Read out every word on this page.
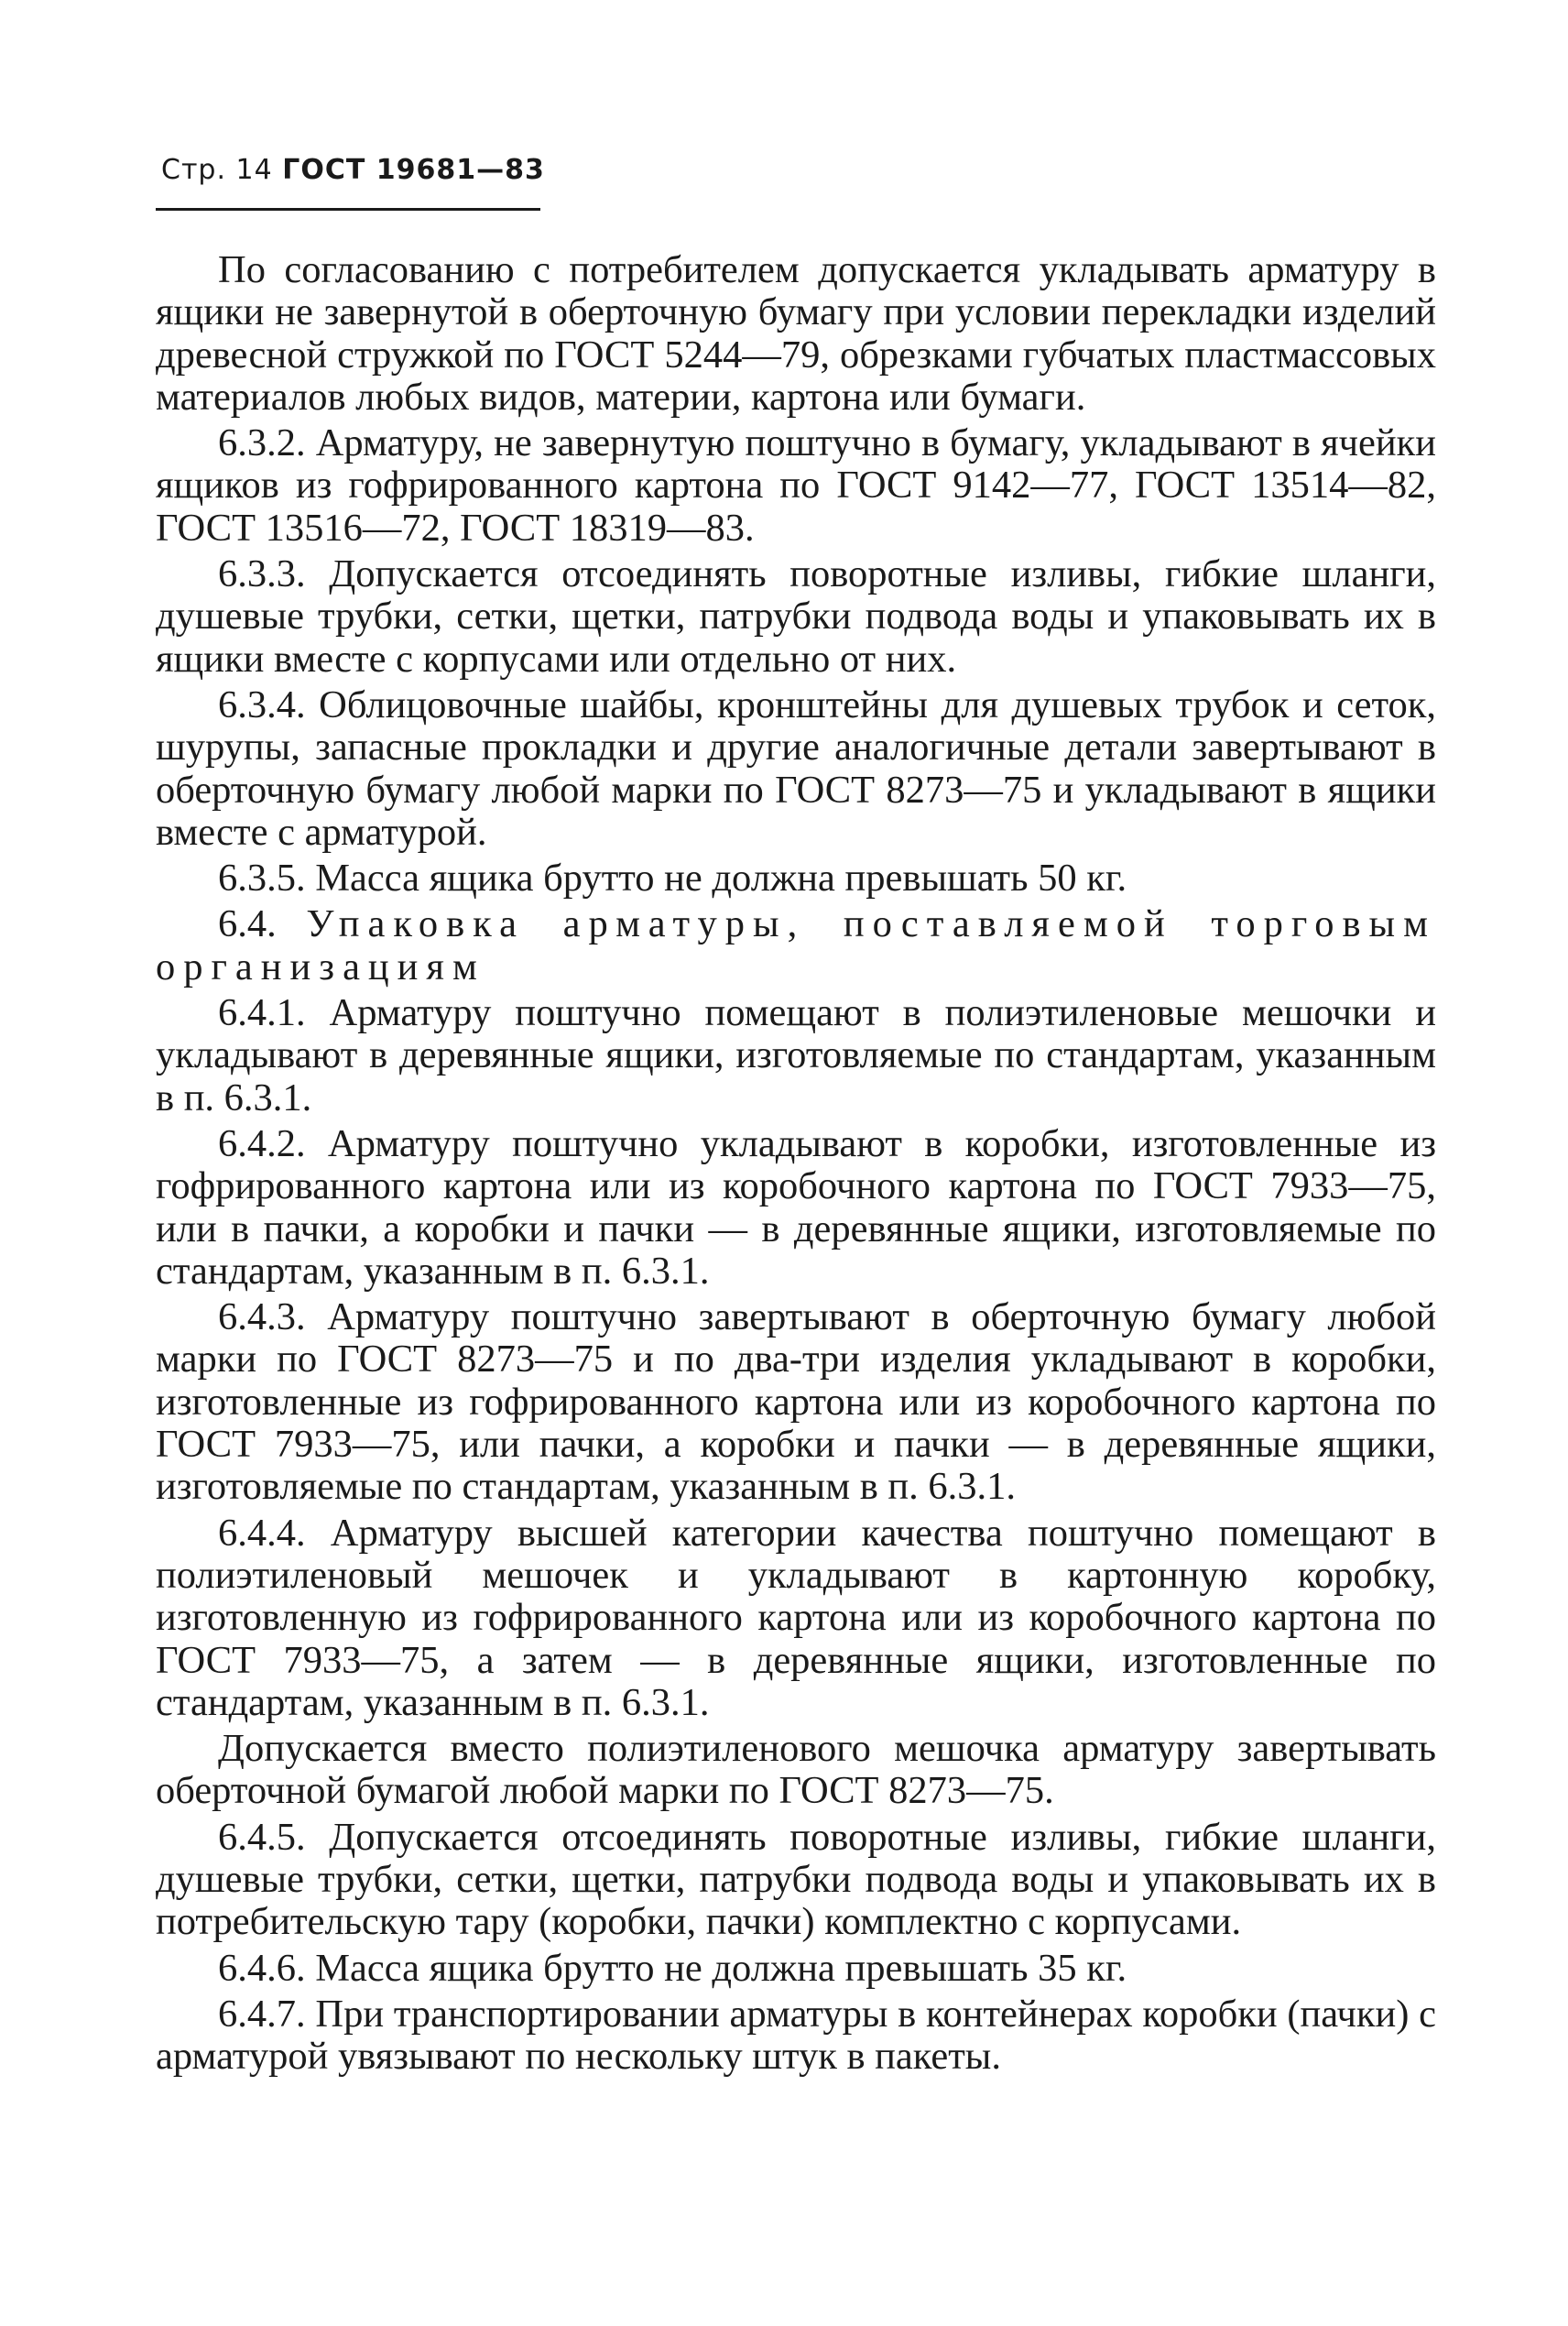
Стр. 14 ГОСТ 19681—83

По согласованию с потребителем допускается укладывать арматуру в ящики не завернутой в оберточную бумагу при условии перекладки изделий древесной стружкой по ГОСТ 5244—79, обрезками губчатых пластмассовых материалов любых видов, материи, картона или бумаги.

6.3.2. Арматуру, не завернутую поштучно в бумагу, укладывают в ячейки ящиков из гофрированного картона по ГОСТ 9142—77, ГОСТ 13514—82, ГОСТ 13516—72, ГОСТ 18319—83.

6.3.3. Допускается отсоединять поворотные изливы, гибкие шланги, душевые трубки, сетки, щетки, патрубки подвода воды и упаковывать их в ящики вместе с корпусами или отдельно от них.

6.3.4. Облицовочные шайбы, кронштейны для душевых трубок и сеток, шурупы, запасные прокладки и другие аналогичные детали завертывают в оберточную бумагу любой марки по ГОСТ 8273—75 и укладывают в ящики вместе с арматурой.

6.3.5. Масса ящика брутто не должна превышать 50 кг.

6.4. Упаковка арматуры, поставляемой торговым организациям

6.4.1. Арматуру поштучно помещают в полиэтиленовые мешочки и укладывают в деревянные ящики, изготовляемые по стандартам, указанным в п. 6.3.1.

6.4.2. Арматуру поштучно укладывают в коробки, изготовленные из гофрированного картона или из коробочного картона по ГОСТ 7933—75, или в пачки, а коробки и пачки — в деревянные ящики, изготовляемые по стандартам, указанным в п. 6.3.1.

6.4.3. Арматуру поштучно завертывают в оберточную бумагу любой марки по ГОСТ 8273—75 и по два-три изделия укладывают в коробки, изготовленные из гофрированного картона или из коробочного картона по ГОСТ 7933—75, или пачки, а коробки и пачки — в деревянные ящики, изготовляемые по стандартам, указанным в п. 6.3.1.

6.4.4. Арматуру высшей категории качества поштучно помещают в полиэтиленовый мешочек и укладывают в картонную коробку, изготовленную из гофрированного картона или из коробочного картона по ГОСТ 7933—75, а затем — в деревянные ящики, изготовленные по стандартам, указанным в п. 6.3.1.

Допускается вместо полиэтиленового мешочка арматуру завертывать оберточной бумагой любой марки по ГОСТ 8273—75.

6.4.5. Допускается отсоединять поворотные изливы, гибкие шланги, душевые трубки, сетки, щетки, патрубки подвода воды и упаковывать их в потребительскую тару (коробки, пачки) комплектно с корпусами.

6.4.6. Масса ящика брутто не должна превышать 35 кг.

6.4.7. При транспортировании арматуры в контейнерах коробки (пачки) с арматурой увязывают по нескольку штук в пакеты.
